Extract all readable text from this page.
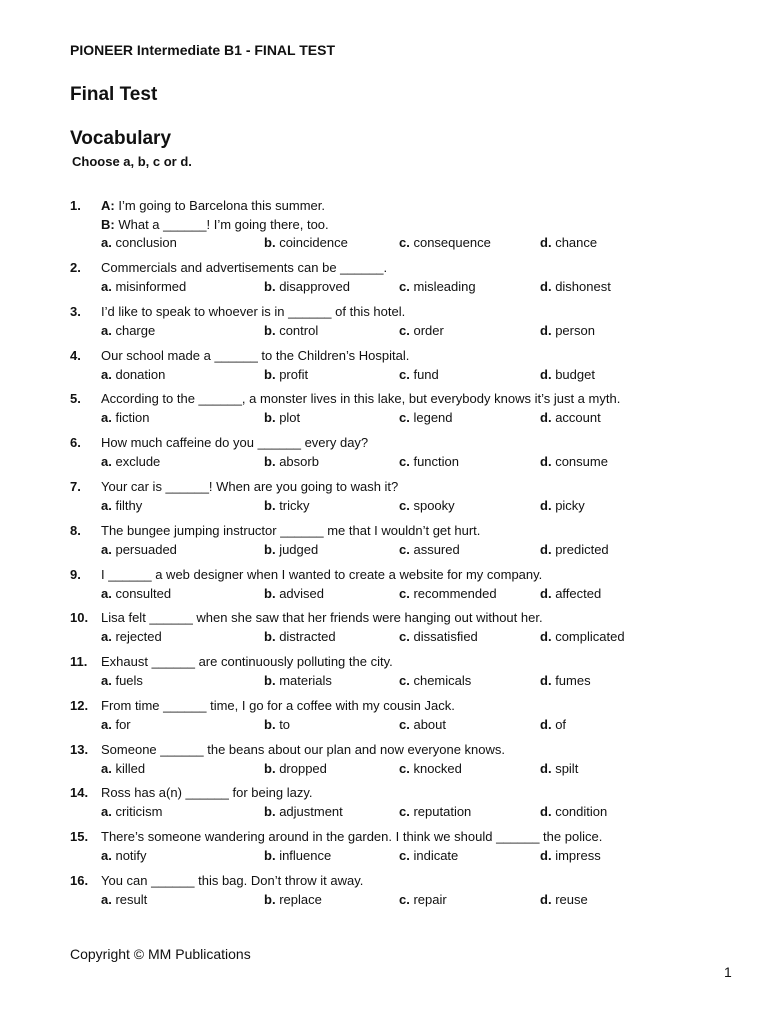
PIONEER Intermediate B1 - FINAL TEST
Final Test
Vocabulary
Choose a, b, c or d.
1. A: I’m going to Barcelona this summer.
B: What a ______! I’m going there, too.
a. conclusion	b. coincidence	c. consequence	d. chance
2. Commercials and advertisements can be ______.
a. misinformed	b. disapproved	c. misleading	d. dishonest
3. I’d like to speak to whoever is in ______ of this hotel.
a. charge	b. control	c. order	d. person
4. Our school made a ______ to the Children’s Hospital.
a. donation	b. profit	c. fund	d. budget
5. According to the ______, a monster lives in this lake, but everybody knows it’s just a myth.
a. fiction	b. plot	c. legend	d. account
6. How much caffeine do you ______ every day?
a. exclude	b. absorb	c. function	d. consume
7. Your car is ______! When are you going to wash it?
a. filthy	b. tricky	c. spooky	d. picky
8. The bungee jumping instructor ______ me that I wouldn’t get hurt.
a. persuaded	b. judged	c. assured	d. predicted
9. I ______ a web designer when I wanted to create a website for my company.
a. consulted	b. advised	c. recommended	d. affected
10. Lisa felt ______ when she saw that her friends were hanging out without her.
a. rejected	b. distracted	c. dissatisfied	d. complicated
11. Exhaust ______ are continuously polluting the city.
a. fuels	b. materials	c. chemicals	d. fumes
12. From time ______ time, I go for a coffee with my cousin Jack.
a. for	b. to	c. about	d. of
13. Someone ______ the beans about our plan and now everyone knows.
a. killed	b. dropped	c. knocked	d. spilt
14. Ross has a(n) ______ for being lazy.
a. criticism	b. adjustment	c. reputation	d. condition
15. There’s someone wandering around in the garden. I think we should ______ the police.
a. notify	b. influence	c. indicate	d. impress
16. You can ______ this bag. Don’t throw it away.
a. result	b. replace	c. repair	d. reuse
Copyright © MM Publications
1
